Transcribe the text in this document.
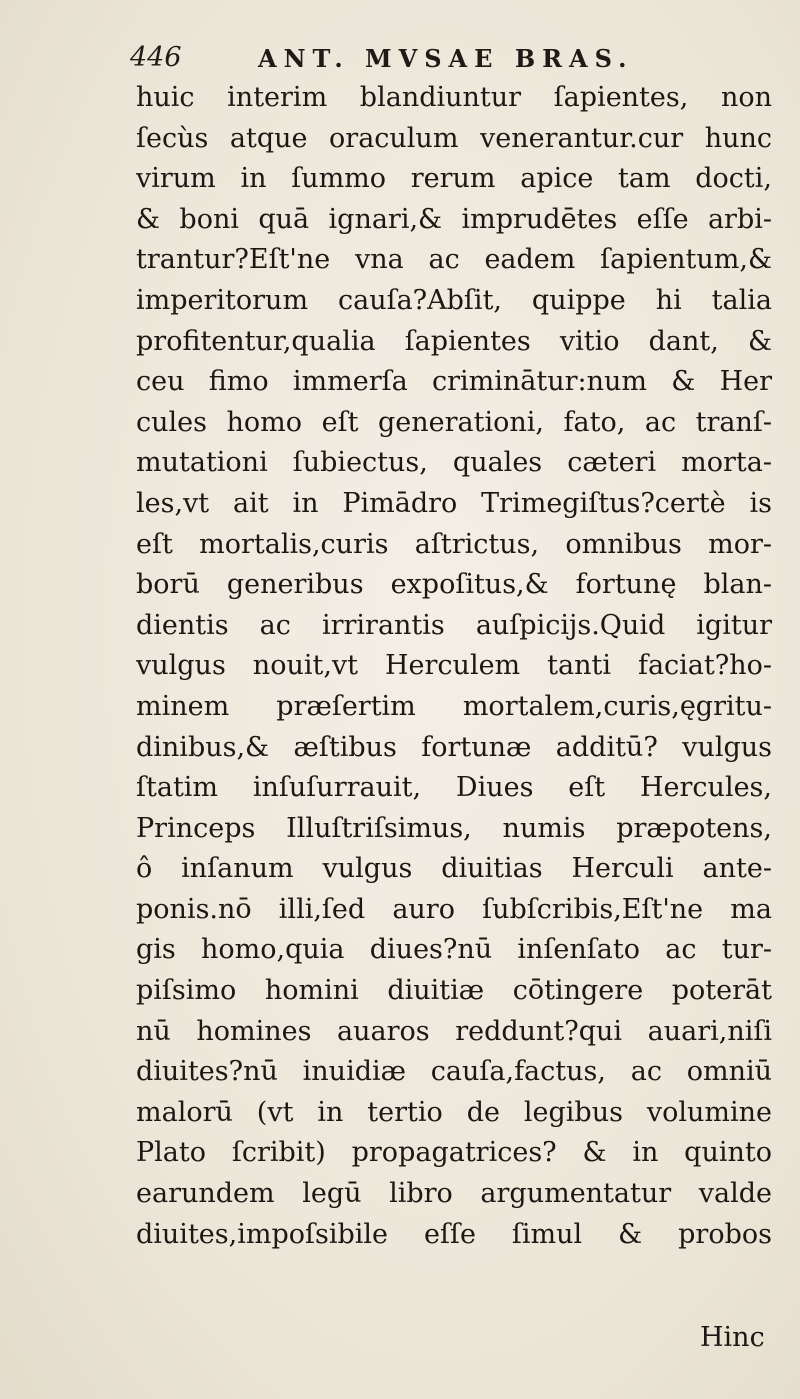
446	ANT. MVSAE BRAS.
huic interim blandiuntur ſapientes, non
ſecùs atque oraculum venerantur.cur hunc
virum in ſummo rerum apice tam docti,
& boni quā ignari,& imprudētes eſſe arbi-
trantur?Eſt'ne vna ac eadem ſapientum,&
imperitorum cauſa?Abſit, quippe hi talia
profitentur,qualia ſapientes vitio dant, &
ceu fimo immerſa criminātur:num & Her
cules homo eſt generationi, fato, ac tranſ-
mutationi ſubiectus, quales cæteri morta-
les,vt ait in Pimādro Trimegiſtus?certè is
eſt mortalis,curis aſtrictus, omnibus mor-
borū generibus expoſitus,& fortunę blan-
dientis ac irrirantis auſpicijs.Quid igitur
vulgus nouit,vt Herculem tanti faciat?ho-
minem præſertim mortalem,curis,ęgritu-
dinibus,& æſtibus fortunæ additū? vulgus
ſtatim inſuſurrauit, Diues eſt Hercules,
Princeps Illuſtriſsimus, numis præpotens,
ô inſanum vulgus diuitias Herculi ante-
ponis.nō illi,ſed auro ſubſcribis,Eſt'ne ma
gis homo,quia diues?nū inſenſato ac tur-
piſsimo homini diuitiæ cōtingere poterāt
nū homines auaros reddunt?qui auari,niſi
diuites?nū inuidiæ cauſa,factus, ac omniū
malorū (vt in tertio de legibus volumine
Plato ſcribit) propagatrices? & in quinto
earundem legū libro argumentatur valde
diuites,impoſsibile eſſe ſimul & probos
Hinc
